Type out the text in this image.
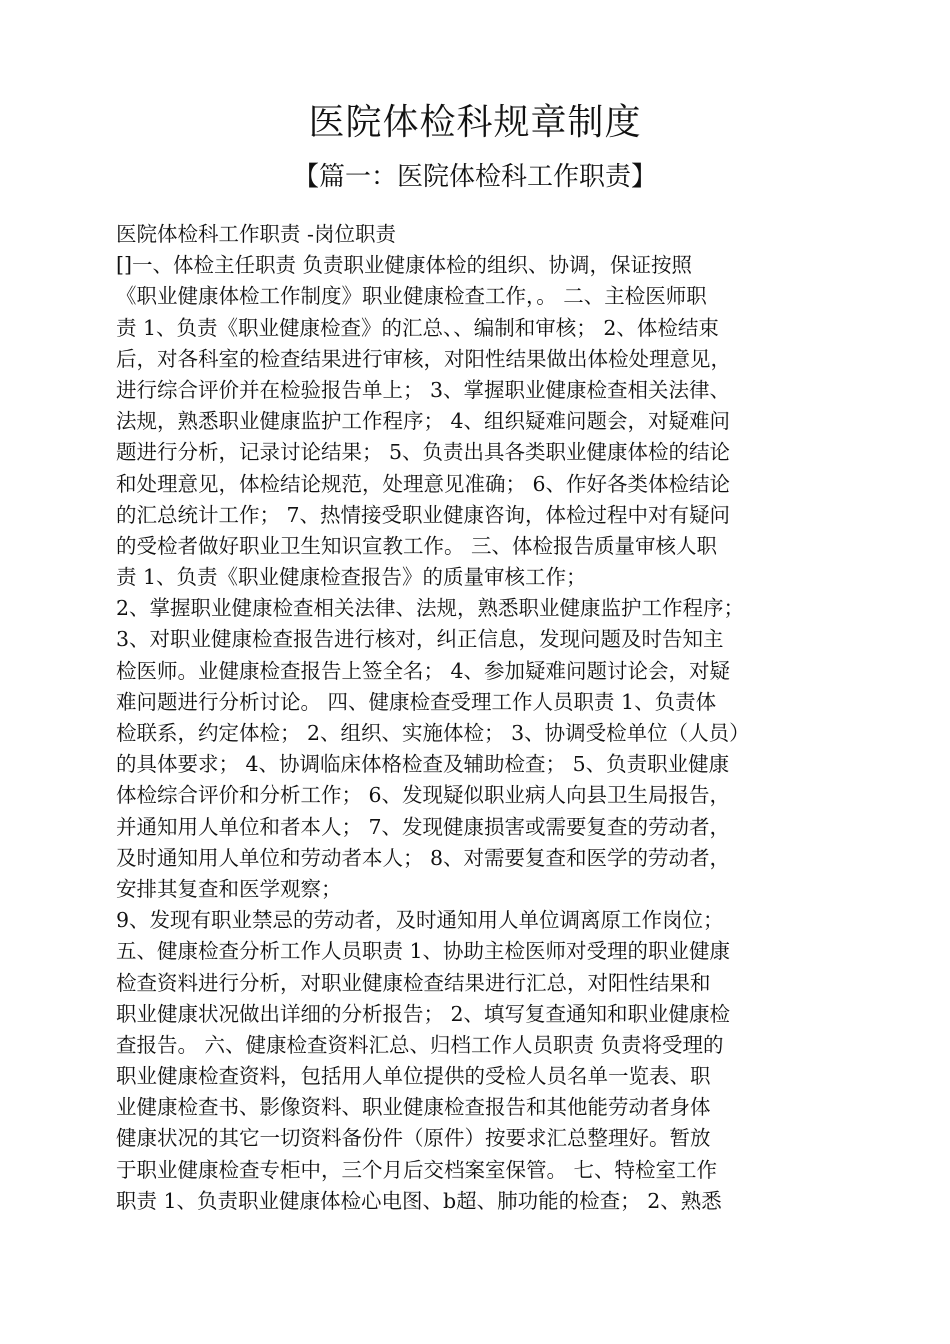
医院体检科规章制度
【篇一：医院体检科工作职责】
医院体检科工作职责 -岗位职责
[]一、体检主任职责 负责职业健康体检的组织、协调，保证按照
《职业健康体检工作制度》职业健康检查工作，。 二、主检医师职
责 1、负责《职业健康检查》的汇总、、编制和审核； 2、体检结束
后，对各科室的检查结果进行审核，对阳性结果做出体检处理意见，
进行综合评价并在检验报告单上； 3、掌握职业健康检查相关法律、
法规，熟悉职业健康监护工作程序； 4、组织疑难问题会，对疑难问
题进行分析，记录讨论结果； 5、负责出具各类职业健康体检的结论
和处理意见，体检结论规范，处理意见准确； 6、作好各类体检结论
的汇总统计工作； 7、热情接受职业健康咨询，体检过程中对有疑问
的受检者做好职业卫生知识宣教工作。 三、体检报告质量审核人职
责 1、负责《职业健康检查报告》的质量审核工作；
2、掌握职业健康检查相关法律、法规，熟悉职业健康监护工作程序；
3、对职业健康检查报告进行核对，纠正信息，发现问题及时告知主
检医师。业健康检查报告上签全名； 4、参加疑难问题讨论会，对疑
难问题进行分析讨论。 四、健康检查受理工作人员职责 1、负责体
检联系，约定体检； 2、组织、实施体检； 3、协调受检单位（人员）
的具体要求； 4、协调临床体格检查及辅助检查； 5、负责职业健康
体检综合评价和分析工作； 6、发现疑似职业病人向县卫生局报告，
并通知用人单位和者本人； 7、发现健康损害或需要复查的劳动者，
及时通知用人单位和劳动者本人； 8、对需要复查和医学的劳动者，
安排其复查和医学观察；
9、发现有职业禁忌的劳动者，及时通知用人单位调离原工作岗位；
五、健康检查分析工作人员职责 1、协助主检医师对受理的职业健康
检查资料进行分析，对职业健康检查结果进行汇总，对阳性结果和
职业健康状况做出详细的分析报告； 2、填写复查通知和职业健康检
查报告。 六、健康检查资料汇总、归档工作人员职责 负责将受理的
职业健康检查资料，包括用人单位提供的受检人员名单一览表、职
业健康检查书、影像资料、职业健康检查报告和其他能劳动者身体
健康状况的其它一切资料备份件（原件）按要求汇总整理好。暂放
于职业健康检查专柜中，三个月后交档案室保管。 七、特检室工作
职责 1、负责职业健康体检心电图、b超、肺功能的检查； 2、熟悉
